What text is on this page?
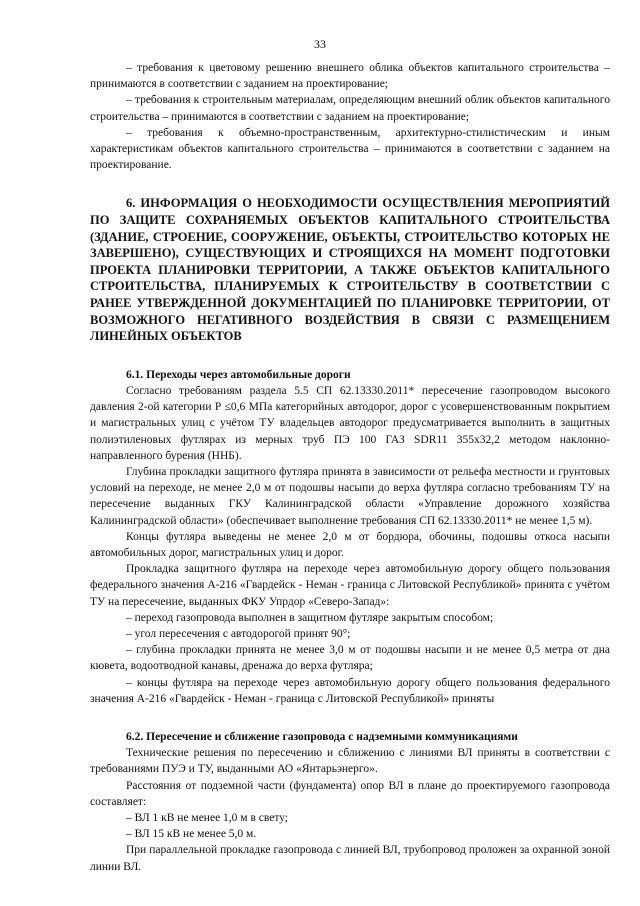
33

– требования к цветовому решению внешнего облика объектов капитального строительства – принимаются в соответствии с заданием на проектирование;

– требования к строительным материалам, определяющим внешний облик объектов капитального строительства – принимаются в соответствии с заданием на проектирование;

– требования к объемно-пространственным, архитектурно-стилистическим и иным характеристикам объектов капитального строительства – принимаются в соответствии с заданием на проектирование.

6. ИНФОРМАЦИЯ О НЕОБХОДИМОСТИ ОСУЩЕСТВЛЕНИЯ МЕРОПРИЯТИЙ ПО ЗАЩИТЕ СОХРАНЯЕМЫХ ОБЪЕКТОВ КАПИТАЛЬНОГО СТРОИТЕЛЬСТВА (ЗДАНИЕ, СТРОЕНИЕ, СООРУЖЕНИЕ, ОБЪЕКТЫ, СТРОИТЕЛЬСТВО КОТОРЫХ НЕ ЗАВЕРШЕНО), СУЩЕСТВУЮЩИХ И СТРОЯЩИХСЯ НА МОМЕНТ ПОДГОТОВКИ ПРОЕКТА ПЛАНИРОВКИ ТЕРРИТОРИИ, А ТАКЖЕ ОБЪЕКТОВ КАПИТАЛЬНОГО СТРОИТЕЛЬСТВА, ПЛАНИРУЕМЫХ К СТРОИТЕЛЬСТВУ В СООТВЕТСТВИИ С РАНЕЕ УТВЕРЖДЕННОЙ ДОКУМЕНТАЦИЕЙ ПО ПЛАНИРОВКЕ ТЕРРИТОРИИ, ОТ ВОЗМОЖНОГО НЕГАТИВНОГО ВОЗДЕЙСТВИЯ В СВЯЗИ С РАЗМЕЩЕНИЕМ ЛИНЕЙНЫХ ОБЪЕКТОВ

6.1. Переходы через автомобильные дороги

Согласно требованиям раздела 5.5 СП 62.13330.2011* пересечение газопроводом высокого давления 2-ой категории Р ≤0,6 МПа категорийных автодорог, дорог с усовершенствованным покрытием и магистральных улиц с учётом ТУ владельцев автодорог предусматривается выполнить в защитных полиэтиленовых футлярах из мерных труб ПЭ 100 ГАЗ SDR11 355х32,2 методом наклонно-направленного бурения (ННБ).

Глубина прокладки защитного футляра принята в зависимости от рельефа местности и грунтовых условий на переходе, не менее 2,0 м от подошвы насыпи до верха футляра согласно требованиям ТУ на пересечение выданных ГКУ Калининградской области «Управление дорожного хозяйства Калининградской области» (обеспечивает выполнение требования СП 62.13330.2011* не менее 1,5 м).

Концы футляра выведены не менее 2,0 м от бордюра, обочины, подошвы откоса насыпи автомобильных дорог, магистральных улиц и дорог.

Прокладка защитного футляра на переходе через автомобильную дорогу общего пользования федерального значения А-216 «Гвардейск - Неман - граница с Литовской Республикой» принята с учётом ТУ на пересечение, выданных ФКУ Упрдор «Северо-Запад»:

– переход газопровода выполнен в защитном футляре закрытым способом;

– угол пересечения с автодорогой принят 90°;

– глубина прокладки принята не менее 3,0 м от подошвы насыпи и не менее 0,5 метра от дна кювета, водоотводной канавы, дренажа до верха футляра;

– концы футляра на переходе через автомобильную дорогу общего пользования федерального значения А-216 «Гвардейск - Неман - граница с Литовской Республикой» приняты

6.2. Пересечение и сближение газопровода с надземными коммуникациями

Технические решения по пересечению и сближению с линиями ВЛ приняты в соответствии с требованиями ПУЭ и ТУ, выданными АО «Янтарьэнерго».

Расстояния от подземной части (фундамента) опор ВЛ в плане до проектируемого газопровода составляет:

– ВЛ 1 кВ не менее 1,0 м в свету;

– ВЛ 15 кВ не менее 5,0 м.

При параллельной прокладке газопровода с линией ВЛ, трубопровод проложен за охранной зоной линии ВЛ.
